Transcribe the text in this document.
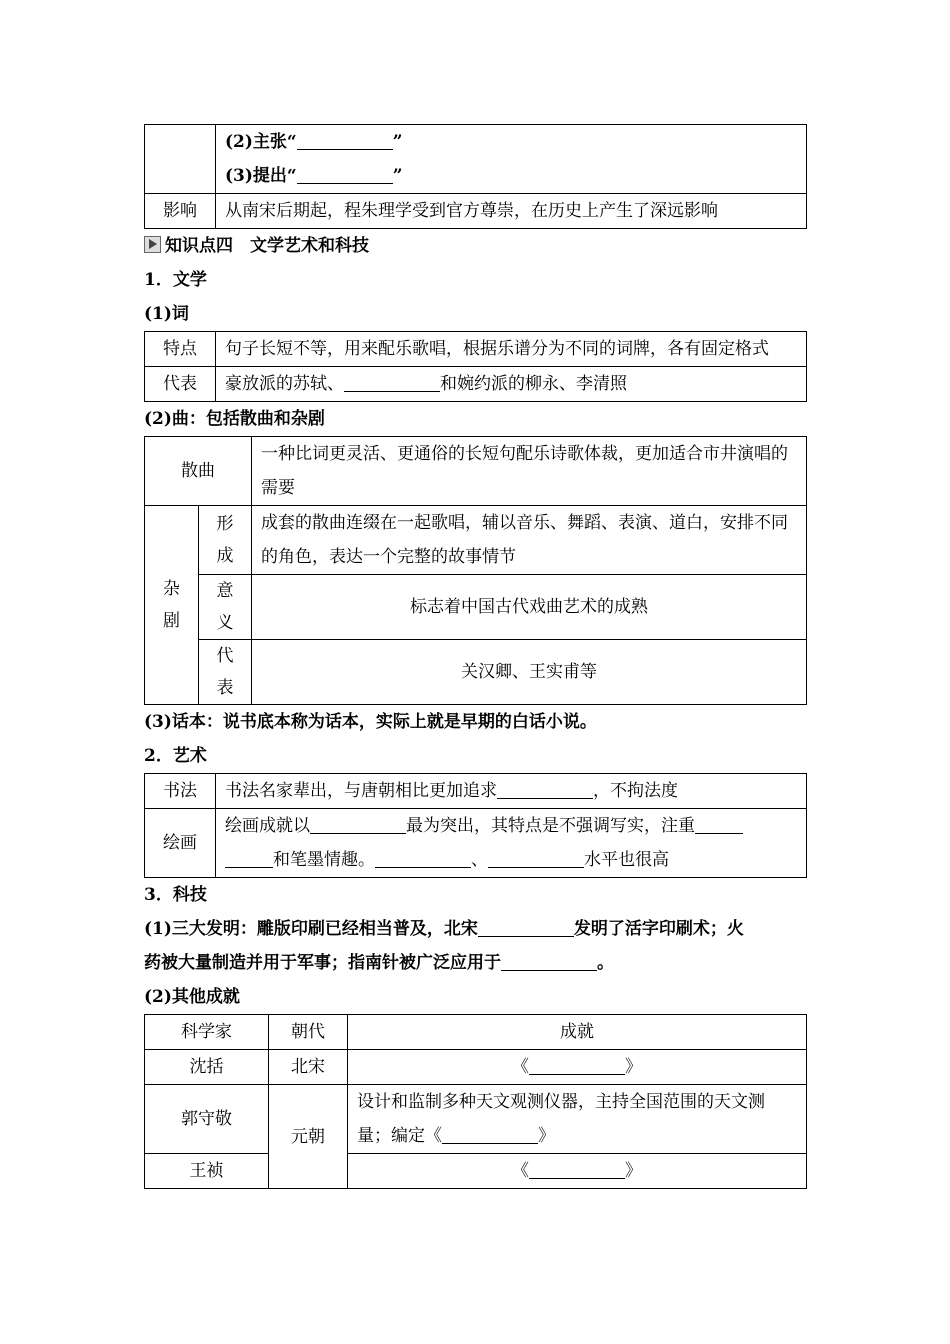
	(2)主张“ ”
(3)提出“ ”

影响	从南宋后期起，程朱理学受到官方尊崇，在历史上产生了深远影响
知识点四　文学艺术和科技
1．文学
(1)词
特点	句子长短不等，用来配乐歌唱，根据乐谱分为不同的词牌，各有固定格式
代表	豪放派的苏轼、 和婉约派的柳永、李清照
(2)曲：包括散曲和杂剧
散曲		一种比词更灵活、更通俗的长短句配乐诗歌体裁，更加适合市井演唱的需要

杂剧	形成	成套的散曲连缀在一起歌唱，辅以音乐、舞蹈、表演、道白，安排不同的角色，表达一个完整的故事情节

	意义	标志着中国古代戏曲艺术的成熟

	代表	关汉卿、王实甫等
(3)话本：说书底本称为话本，实际上就是早期的白话小说。
2．艺术
书法	书法名家辈出，与唐朝相比更加追求 ，不拘法度
绘画	绘画成就以 最为突出，其特点是不强调写实，注重
和笔墨情趣。 、 水平也很高
3．科技
(1)三大发明：雕版印刷已经相当普及，北宋	发明了活字印刷术；火
药被大量制造并用于军事；指南针被广泛应用于	。
(2)其他成就
科学家	朝代	成就
沈括	北宋	《 》
郭守敬	元朝	设计和监制多种天文观测仪器，主持全国范围的天文测量；编定《 》
王祯		《 》
